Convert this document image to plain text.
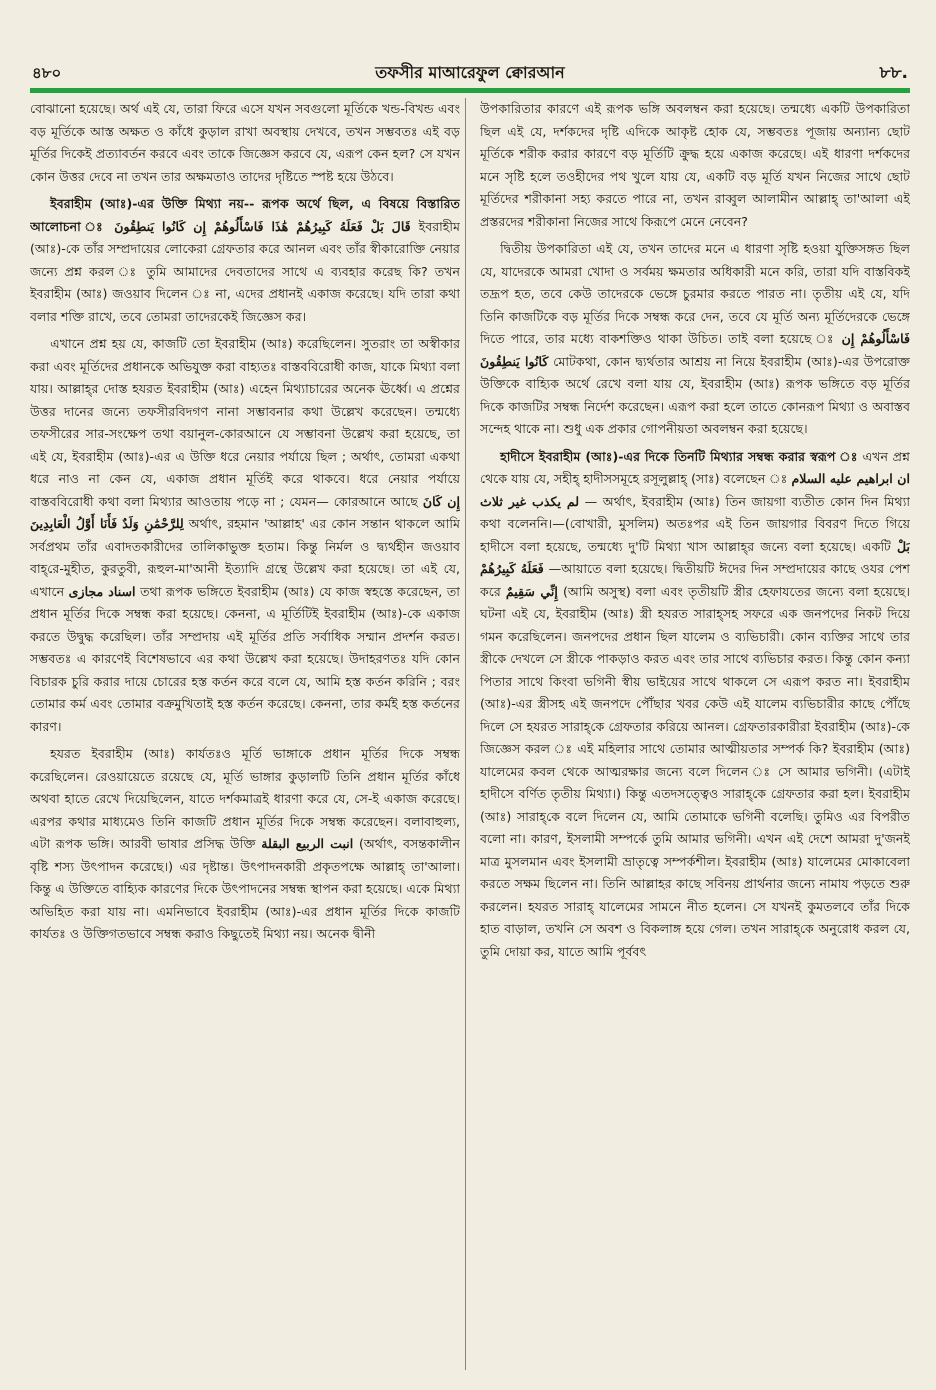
৪৮০	তফসীর মাআরেফুল ক্বোরআন	৮৮.

বোঝানো হয়েছে। অর্থ এই যে, তারা ফিরে এসে যখন সবগুলো মূর্তিকে খন্ড-বিখন্ড এবং বড় মূর্তিকে আস্ত অক্ষত ও কাঁধে কুড়াল রাখা অবস্থায় দেখবে, তখন সম্ভবতঃ এই বড় মূর্তির দিকেই প্রত্যাবর্তন করবে এবং তাকে জিজ্ঞেস করবে যে, এরূপ কেন হল? সে যখন কোন উত্তর দেবে না তখন তার অক্ষমতাও তাদের দৃষ্টিতে স্পষ্ট হয়ে উঠবে।

ইবরাহীম (আঃ)-এর উক্তি মিথ্যা নয়-- রূপক অর্থে ছিল, এ বিষয়ে বিস্তারিত আলোচনা ঃ	قَالَ بَلْ فَعَلَهُ كَبِيرُهُمْ هَٰذَا فَاسْأَلُوهُمْ إِن كَانُوا يَنطِقُونَ	ইবরাহীম (আঃ)-কে তাঁর সম্প্রদায়ের লোকেরা গ্রেফতার করে আনল এবং তাঁর স্বীকারোক্তি নেয়ার জন্যে প্রশ্ন করল ঃ তুমি আমাদের দেবতাদের সাথে এ ব্যবহার করেছ কি? তখন ইবরাহীম (আঃ) জওয়াব দিলেন ঃ না, এদের প্রধানই একাজ করেছে। যদি তারা কথা বলার শক্তি রাখে, তবে তোমরা তাদেরকেই জিজ্ঞেস কর।

এখানে প্রশ্ন হয় যে, কাজটি তো ইবরাহীম (আঃ) করেছিলেন। সুতরাং তা অস্বীকার করা এবং মূর্তিদের প্রধানকে অভিযুক্ত করা বাহ্যতঃ বাস্তববিরোধী কাজ, যাকে মিথ্যা বলা যায়। আল্লাহ্‌র দোস্ত হযরত ইবরাহীম (আঃ) এহেন মিথ্যাচারের অনেক ঊর্ধ্বে। এ প্রশ্নের উত্তর দানের জন্যে তফসীরবিদগণ নানা সম্ভাবনার কথা উল্লেখ করেছেন। তন্মধ্যে তফসীরের সার-সংক্ষেপ তথা বয়ানুল-কোরআনে যে সম্ভাবনা উল্লেখ করা হয়েছে, তা এই যে, ইবরাহীম (আঃ)-এর এ উক্তি ধরে নেয়ার পর্যায়ে ছিল ; অর্থাৎ, তোমরা একথা ধরে নাও না কেন যে, একাজ প্রধান মূর্তিই করে থাকবে। ধরে নেয়ার পর্যায়ে বাস্তববিরোধী কথা বলা মিথ্যার আওতায় পড়ে না ; যেমন— কোরআনে আছে إِن كَانَ لِلرَّحْمَٰنِ وَلَدٌ فَأَنَا أَوَّلُ الْعَابِدِينَ	অর্থাৎ, রহমান 'আল্লাহ' এর কোন সন্তান থাকলে আমি সর্বপ্রথম তাঁর এবাদতকারীদের তালিকাভুক্ত হতাম। কিন্তু নির্মল ও দ্ব্যর্থহীন জওয়াব বাহ্‌রে-মুহীত, কুরতুবী, রূহুল-মা'আনী ইত্যাদি গ্রন্থে উল্লেখ করা হয়েছে। তা এই যে, এখানে اسناد مجازى তথা রূপক ভঙ্গিতে ইবরাহীম (আঃ) যে কাজ স্বহস্তে করেছেন, তা প্রধান মূর্তির দিকে সম্বন্ধ করা হয়েছে। কেননা, এ মূর্তিটিই ইবরাহীম (আঃ)-কে একাজ করতে উদ্বুদ্ধ করেছিল। তাঁর সম্প্রদায় এই মূর্তির প্রতি সর্বাধিক সম্মান প্রদর্শন করত। সম্ভবতঃ এ কারণেই বিশেষভাবে এর কথা উল্লেখ করা হয়েছে। উদাহরণতঃ যদি কোন বিচারক চুরি করার দায়ে চোরের হস্ত কর্তন করে বলে যে, আমি হস্ত কর্তন করিনি ; বরং তোমার কর্ম এবং তোমার বক্রমুখিতাই হস্ত কর্তন করেছে। কেননা, তার কর্মই হস্ত কর্তনের কারণ।

হযরত ইবরাহীম (আঃ) কার্যতঃও মূর্তি ভাঙ্গাকে প্রধান মূর্তির দিকে সম্বন্ধ করেছিলেন। রেওয়ায়েতে রয়েছে যে, মূর্তি ভাঙ্গার কুড়ালটি তিনি প্রধান মূর্তির কাঁধে অথবা হাতে রেখে দিয়েছিলেন, যাতে দর্শকমাত্রই ধারণা করে যে, সে-ই একাজ করেছে। এরপর কথার মাধ্যমেও তিনি কাজটি প্রধান মূর্তির দিকে সম্বন্ধ করেছেন। বলাবাহুল্য, এটা রূপক ভঙ্গি। আরবী ভাষার প্রসিদ্ধ উক্তি انبت الربيع البقلة (অর্থাৎ, বসন্তকালীন বৃষ্টি শস্য উৎপাদন করেছে।) এর দৃষ্টান্ত। উৎপাদনকারী প্রকৃতপক্ষে আল্লাহ্‌ তা'আলা। কিন্তু এ উক্তিতে বাহ্যিক কারণের দিকে উৎপাদনের সম্বন্ধ স্থাপন করা হয়েছে। একে মিথ্যা অভিহিত করা যায় না। এমনিভাবে ইবরাহীম (আঃ)-এর প্রধান মূর্তির দিকে কাজটি কার্যতঃ ও উক্তিগতভাবে সম্বন্ধ করাও কিছুতেই মিথ্যা নয়। অনেক দ্বীনী

উপকারিতার কারণে এই রূপক ভঙ্গি অবলম্বন করা হয়েছে। তন্মধ্যে একটি উপকারিতা ছিল এই যে, দর্শকদের দৃষ্টি এদিকে আকৃষ্ট হোক যে, সম্ভবতঃ পূজায় অন্যান্য ছোট মূর্তিকে শরীক করার কারণে বড় মূর্তিটি ক্রুদ্ধ হয়ে একাজ করেছে। এই ধারণা দর্শকদের মনে সৃষ্টি হলে তওহীদের পথ খুলে যায় যে, একটি বড় মূর্তি যখন নিজের সাথে ছোট মূর্তিদের শরীকানা সহ্য করতে পারে না, তখন রাব্বুল আলামীন আল্লাহ্‌ তা'আলা এই প্রস্তরদের শরীকানা নিজের সাথে কিরূপে মেনে নেবেন?

দ্বিতীয় উপকারিতা এই যে, তখন তাদের মনে এ ধারণা সৃষ্টি হওয়া যুক্তিসঙ্গত ছিল যে, যাদেরকে আমরা খোদা ও সর্বময় ক্ষমতার অধিকারী মনে করি, তারা যদি বাস্তবিকই তদ্রূপ হত, তবে কেউ তাদেরকে ভেঙ্গে চুরমার করতে পারত না। তৃতীয় এই যে, যদি তিনি কাজটিকে বড় মূর্তির দিকে সম্বন্ধ করে দেন, তবে যে মূর্তি অন্য মূর্তিদেরকে ভেঙ্গে দিতে পারে, তার মধ্যে বাকশক্তিও থাকা উচিত। তাই বলা হয়েছে ঃ فَاسْأَلُوهُمْ إِن كَانُوا يَنطِقُونَ মোটকথা, কোন দ্ব্যর্থতার আশ্রয় না নিয়ে ইবরাহীম (আঃ)-এর উপরোক্ত উক্তিকে বাহ্যিক অর্থে রেখে বলা যায় যে, ইবরাহীম (আঃ) রূপক ভঙ্গিতে বড় মূর্তির দিকে কাজটির সম্বন্ধ নির্দেশ করেছেন। এরূপ করা হলে তাতে কোনরূপ মিথ্যা ও অবাস্তব সন্দেহ থাকে না। শুধু এক প্রকার গোপনীয়তা অবলম্বন করা হয়েছে।

হাদীসে ইবরাহীম (আঃ)-এর দিকে তিনটি মিথ্যার সম্বন্ধ করার স্বরূপ ঃ এখন প্রশ্ন থেকে যায় যে, সহীহ্‌ হাদীসসমূহে রসূলুল্লাহ্‌ (সাঃ) বলেছেন ঃ ان ابراهيم عليه السلام لم يكذب غير ثلاث — অর্থাৎ, ইবরাহীম (আঃ) তিন জায়গা ব্যতীত কোন দিন মিথ্যা কথা বলেননি।—(বোখারী, মুসলিম) অতঃপর এই তিন জায়গার বিবরণ দিতে গিয়ে হাদীসে বলা হয়েছে, তন্মধ্যে দু'টি মিথ্যা খাস আল্লাহ্‌র জন্যে বলা হয়েছে। একটি بَلْ فَعَلَهُ كَبِيرُهُمْ —আয়াতে বলা হয়েছে। দ্বিতীয়টি ঈদের দিন সম্প্রদায়ের কাছে ওযর পেশ করে إِنِّي سَقِيمٌ (আমি অসুস্থ) বলা এবং তৃতীয়টি স্ত্রীর হেফাযতের জন্যে বলা হয়েছে। ঘটনা এই যে, ইবরাহীম (আঃ) স্ত্রী হযরত সারাহ্‌সহ সফরে এক জনপদের নিকট দিয়ে গমন করেছিলেন। জনপদের প্রধান ছিল যালেম ও ব্যভিচারী। কোন ব্যক্তির সাথে তার স্ত্রীকে দেখলে সে স্ত্রীকে পাকড়াও করত এবং তার সাথে ব্যভিচার করত। কিন্তু কোন কন্যা পিতার সাথে কিংবা ভগিনী স্বীয় ভাইয়ের সাথে থাকলে সে এরূপ করত না। ইবরাহীম (আঃ)-এর স্ত্রীসহ এই জনপদে পৌঁছার খবর কেউ এই যালেম ব্যভিচারীর কাছে পৌঁছে দিলে সে হযরত সারাহ্‌কে গ্রেফতার করিয়ে আনল। গ্রেফতারকারীরা ইবরাহীম (আঃ)-কে জিজ্ঞেস করল ঃ এই মহিলার সাথে তোমার আত্মীয়তার সম্পর্ক কি? ইবরাহীম (আঃ) যালেমের কবল থেকে আত্মরক্ষার জন্যে বলে দিলেন ঃ সে আমার ভগিনী। (এটাই হাদীসে বর্ণিত তৃতীয় মিথ্যা।) কিন্তু এতদসত্ত্বেও সারাহ্‌কে গ্রেফতার করা হল। ইবরাহীম (আঃ) সারাহ্‌কে বলে দিলেন যে, আমি তোমাকে ভগিনী বলেছি। তুমিও এর বিপরীত বলো না। কারণ, ইসলামী সম্পর্কে তুমি আমার ভগিনী। এখন এই দেশে আমরা দু'জনই মাত্র মুসলমান এবং ইসলামী ভ্রাতৃত্বে সম্পর্কশীল। ইবরাহীম (আঃ) যালেমের মোকাবেলা করতে সক্ষম ছিলেন না। তিনি আল্লাহর কাছে সবিনয় প্রার্থনার জন্যে নামায পড়তে শুরু করলেন। হযরত সারাহ্‌ যালেমের সামনে নীত হলেন। সে যখনই কুমতলবে তাঁর দিকে হাত বাড়াল, তখনি সে অবশ ও বিকলাঙ্গ হয়ে গেল। তখন সারাহ্‌কে অনুরোধ করল যে, তুমি দোয়া কর, যাতে আমি পূর্ববৎ
